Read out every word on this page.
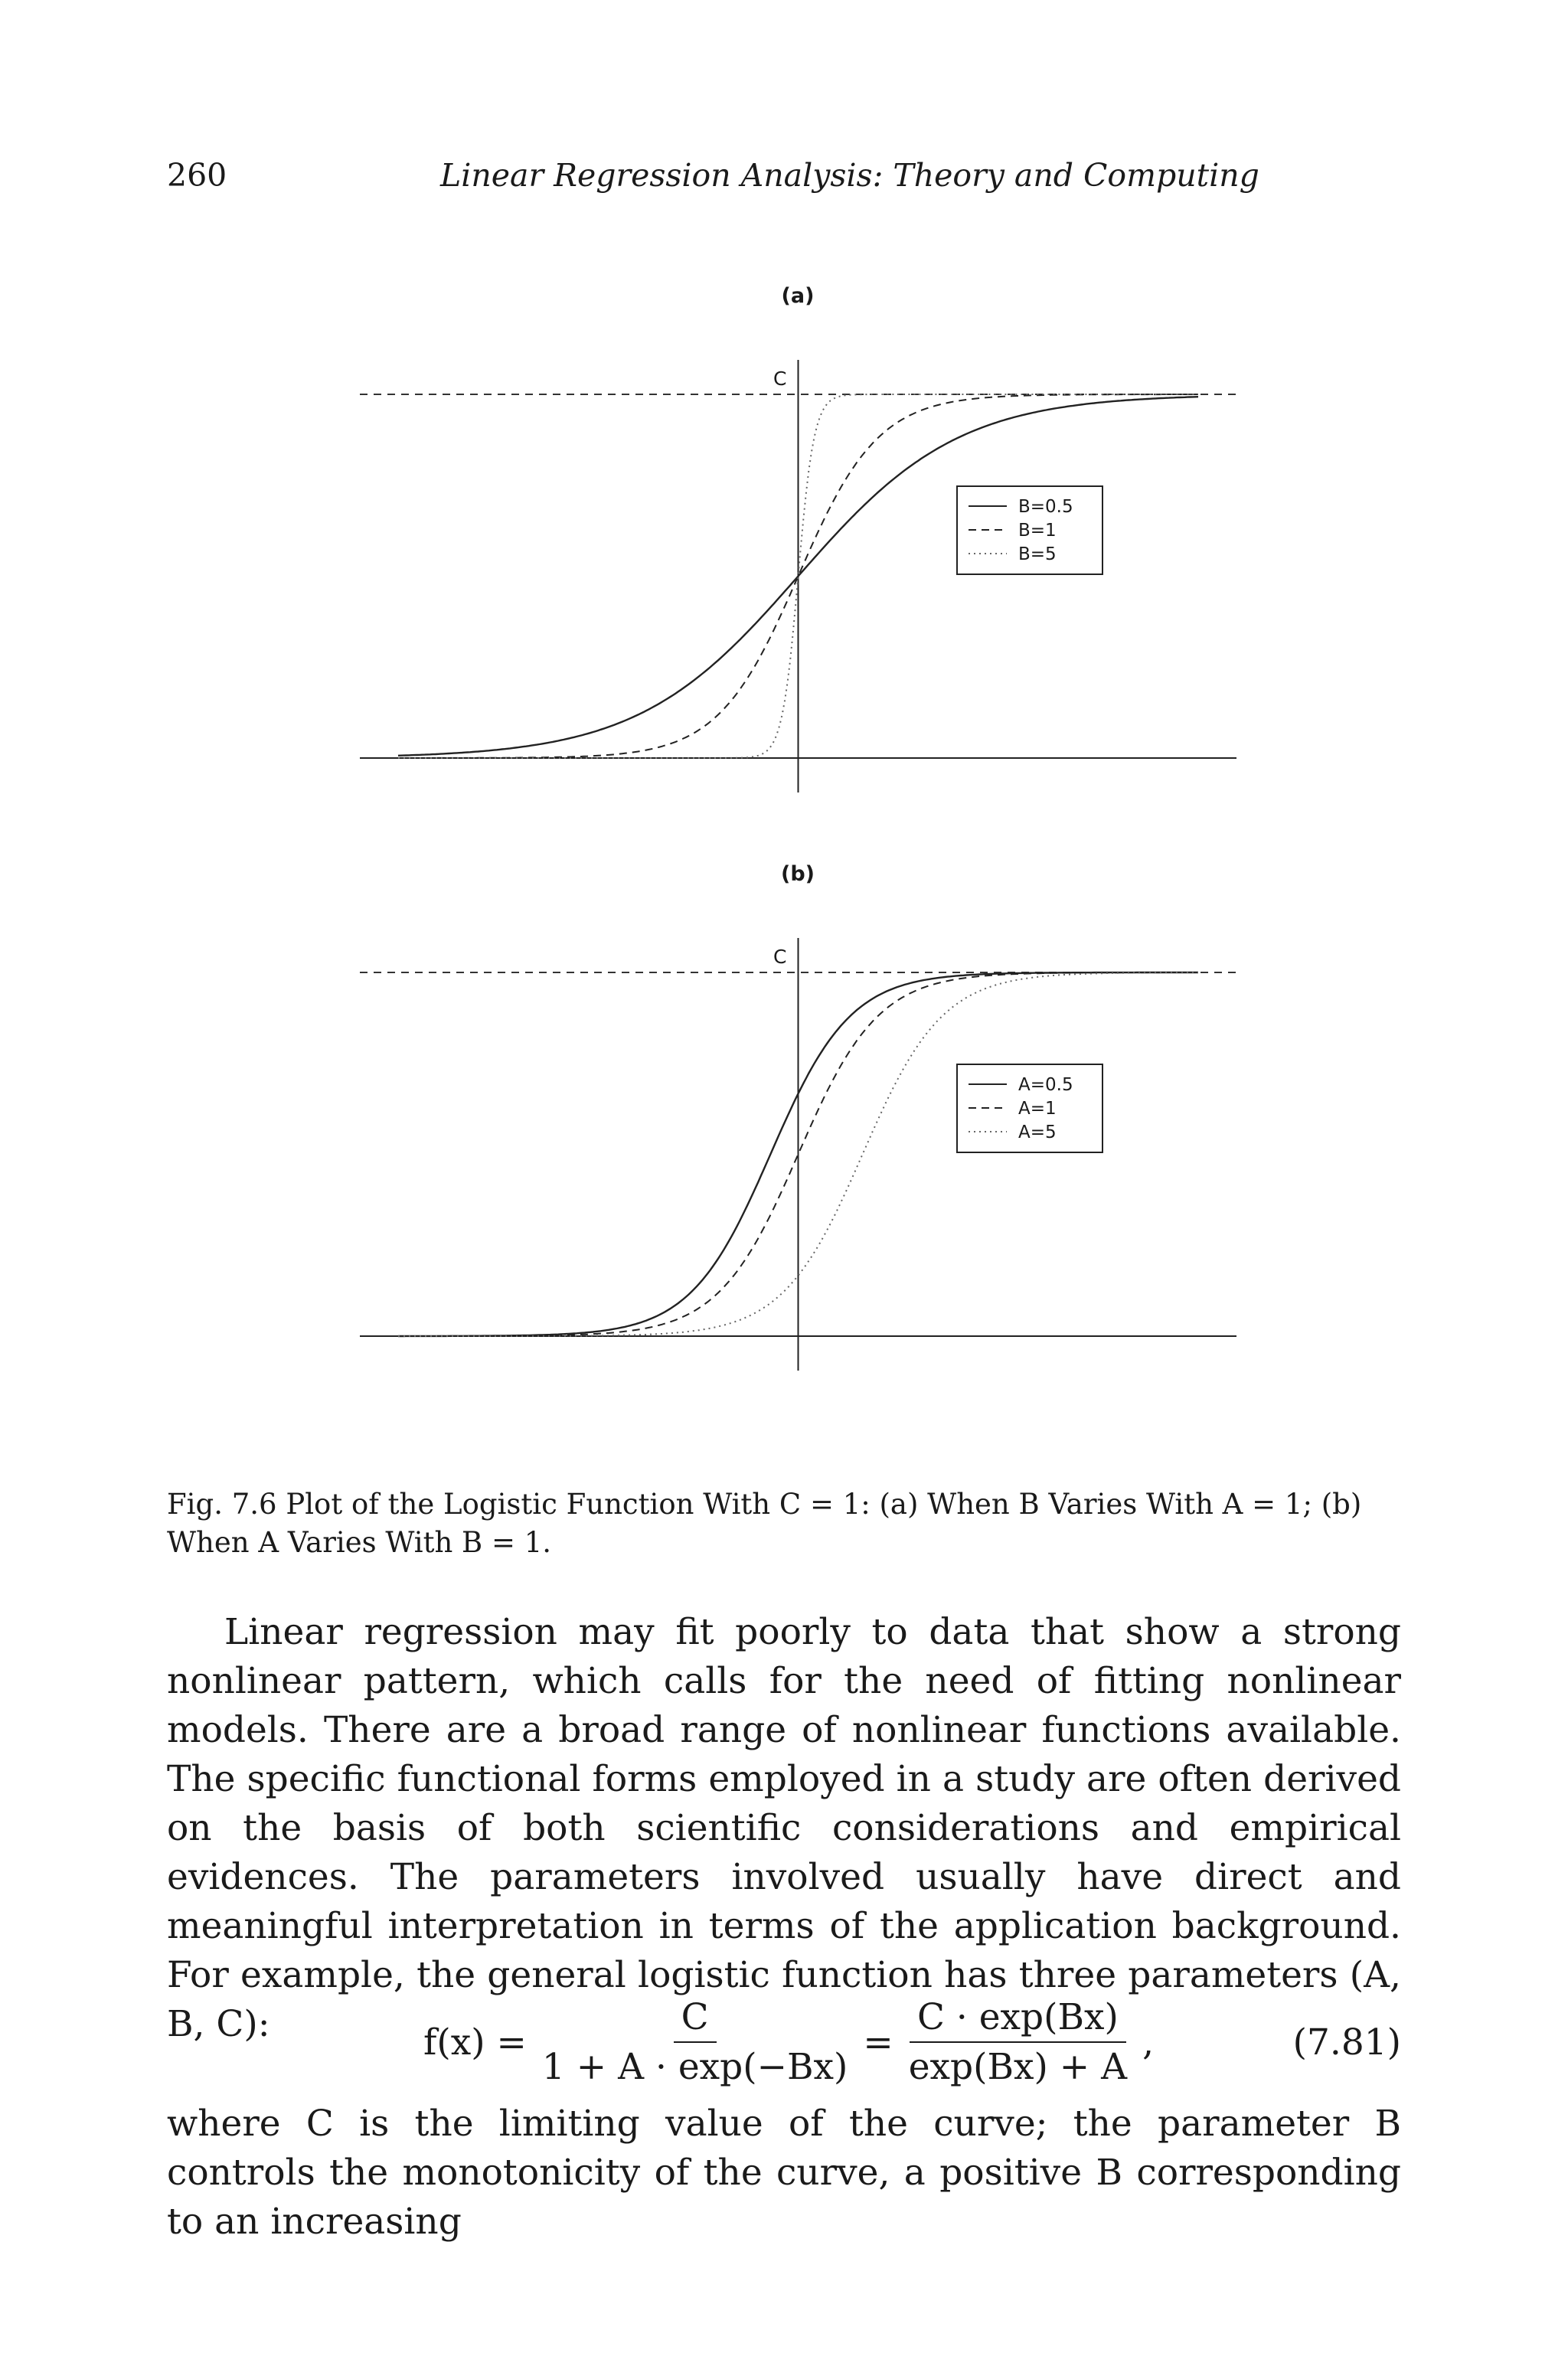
260	Linear Regression Analysis: Theory and Computing
(a)
C
B=0.5
B=1
B=5
(b)
C
A=0.5
A=1
A=5
Fig. 7.6 Plot of the Logistic Function With C = 1: (a) When B Varies With A = 1; (b) When A Varies With B = 1.
Linear regression may fit poorly to data that show a strong nonlinear pattern, which calls for the need of fitting nonlinear models. There are a broad range of nonlinear functions available. The specific functional forms employed in a study are often derived on the basis of both scientific considerations and empirical evidences. The parameters involved usually have direct and meaningful interpretation in terms of the application background. For example, the general logistic function has three parameters (A, B, C):	$f(x) = \frac{C}{1 + A \cdot \exp(-Bx)} = \frac{C \cdot \exp(Bx)}{\exp(Bx) + A}$ ,	(7.81)
where C is the limiting value of the curve; the parameter B controls the monotonicity of the curve, a positive B corresponding to an increasing
